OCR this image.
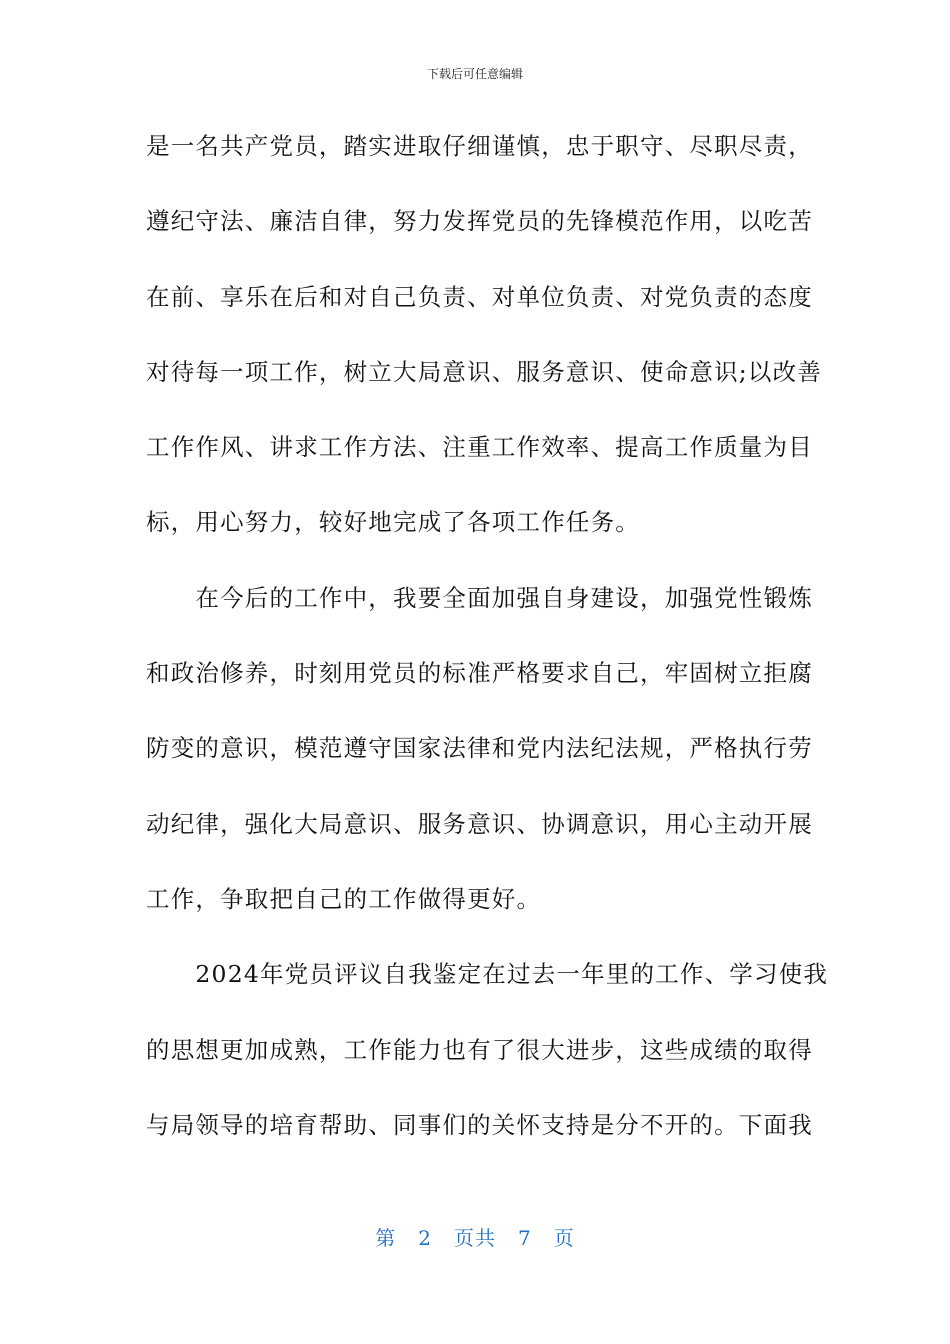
下载后可任意编辑
是一名共产党员，踏实进取仔细谨慎，忠于职守、尽职尽责，
遵纪守法、廉洁自律，努力发挥党员的先锋模范作用，以吃苦
在前、享乐在后和对自己负责、对单位负责、对党负责的态度
对待每一项工作，树立大局意识、服务意识、使命意识;以改善
工作作风、讲求工作方法、注重工作效率、提高工作质量为目
标，用心努力，较好地完成了各项工作任务。
　　在今后的工作中，我要全面加强自身建设，加强党性锻炼
和政治修养，时刻用党员的标准严格要求自己，牢固树立拒腐
防变的意识，模范遵守国家法律和党内法纪法规，严格执行劳
动纪律，强化大局意识、服务意识、协调意识，用心主动开展
工作，争取把自己的工作做得更好。
　　2024年党员评议自我鉴定在过去一年里的工作、学习使我
的思想更加成熟，工作能力也有了很大进步，这些成绩的取得
与局领导的培育帮助、同事们的关怀支持是分不开的。下面我
第 2 页共 7 页
